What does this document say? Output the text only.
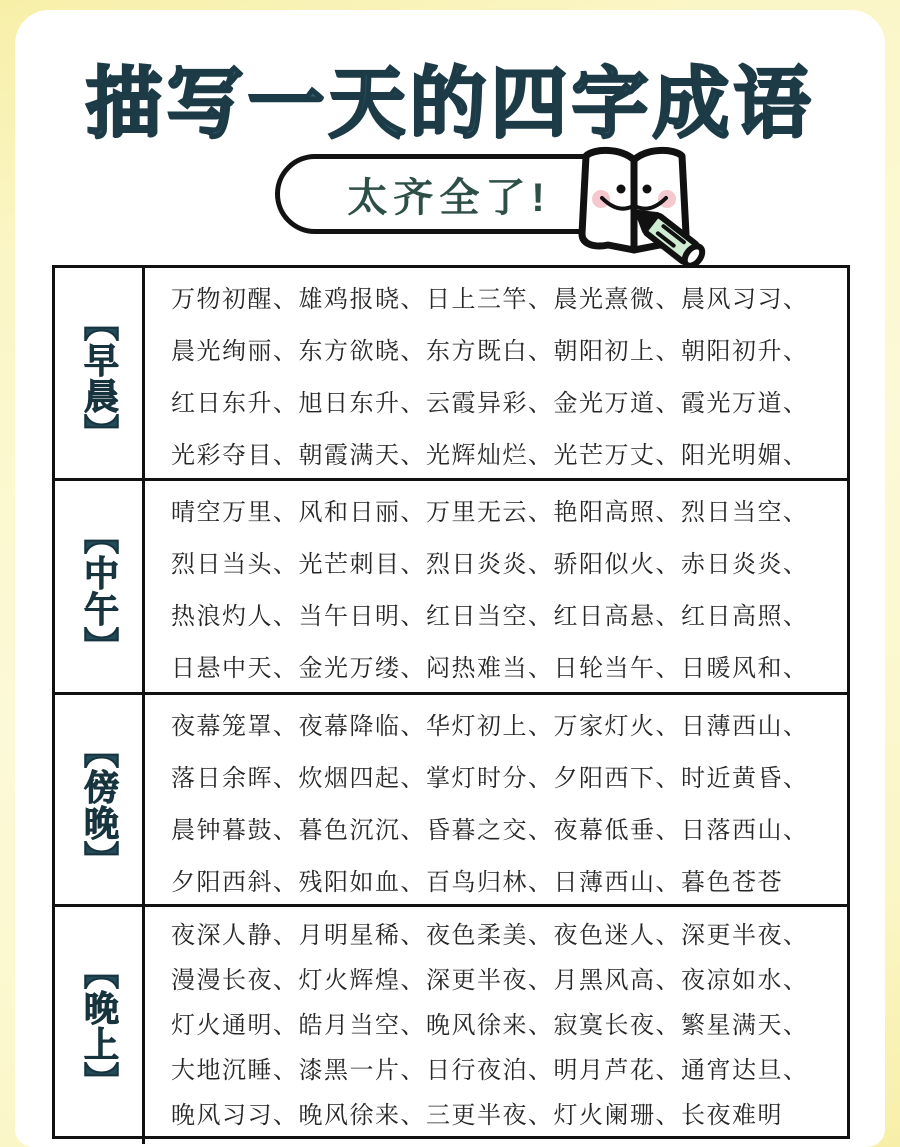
描写一天的四字成语
太齐全了!
【早晨】
万物初醒、雄鸡报晓、日上三竿、晨光熹微、晨风习习、
晨光绚丽、东方欲晓、东方既白、朝阳初上、朝阳初升、
红日东升、旭日东升、云霞异彩、金光万道、霞光万道、
光彩夺目、朝霞满天、光辉灿烂、光芒万丈、阳光明媚、
【中午】
晴空万里、风和日丽、万里无云、艳阳高照、烈日当空、
烈日当头、光芒刺目、烈日炎炎、骄阳似火、赤日炎炎、
热浪灼人、当午日明、红日当空、红日高悬、红日高照、
日悬中天、金光万缕、闷热难当、日轮当午、日暖风和、
【傍晚】
夜幕笼罩、夜幕降临、华灯初上、万家灯火、日薄西山、
落日余晖、炊烟四起、掌灯时分、夕阳西下、时近黄昏、
晨钟暮鼓、暮色沉沉、昏暮之交、夜幕低垂、日落西山、
夕阳西斜、残阳如血、百鸟归林、日薄西山、暮色苍苍
【晚上】
夜深人静、月明星稀、夜色柔美、夜色迷人、深更半夜、
漫漫长夜、灯火辉煌、深更半夜、月黑风高、夜凉如水、
灯火通明、皓月当空、晚风徐来、寂寞长夜、繁星满天、
大地沉睡、漆黑一片、日行夜泊、明月芦花、通宵达旦、
晚风习习、晚风徐来、三更半夜、灯火阑珊、长夜难明
